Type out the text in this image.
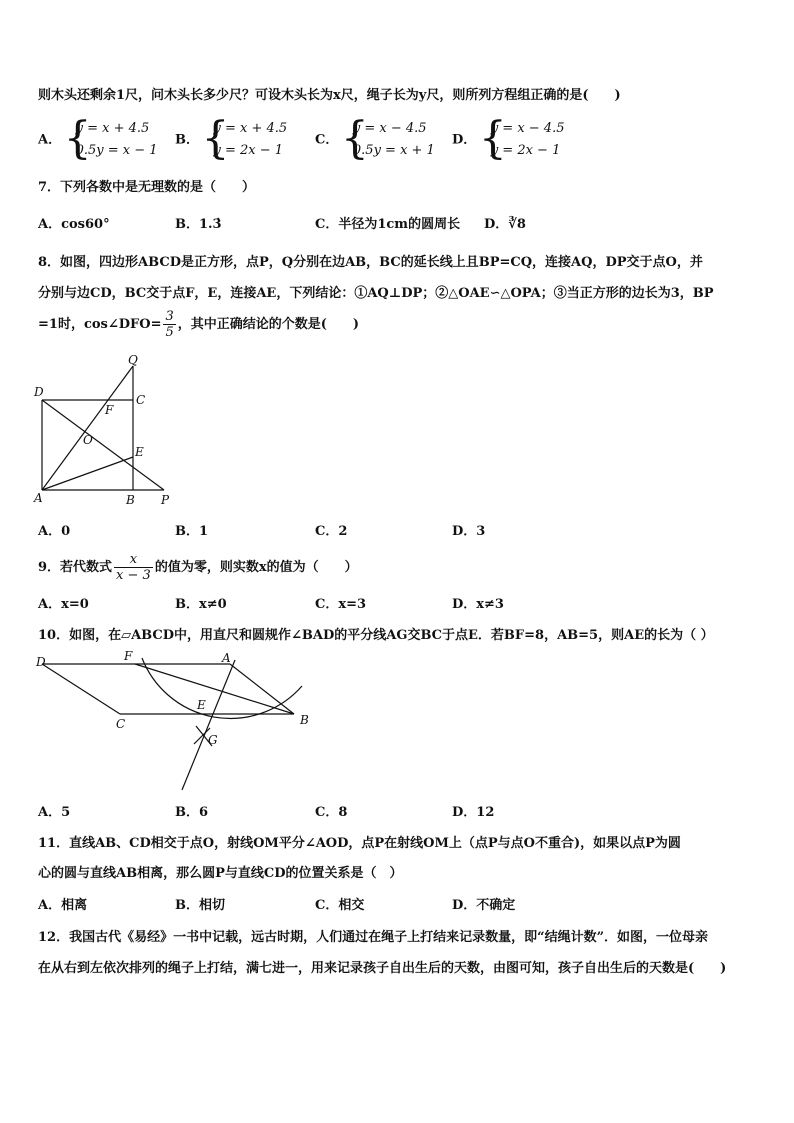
则木头还剩余1尺，问木头长多少尺？可设木头长为x尺，绳子长为y尺，则所列方程组正确的是(　　)
A． {
y = x + 4.5
0.5y = x − 1
B． {
y = x + 4.5
y = 2x − 1
C． {
y = x − 4.5
0.5y = x + 1
D． {
y = x − 4.5
y = 2x − 1
7．下列各数中是无理数的是（　　）
A．cos60°	B．1.3̇	C．半径为1cm的圆周长 D．∛8
8．如图，四边形ABCD是正方形，点P，Q分别在边AB，BC的延长线上且BP=CQ，连接AQ，DP交于点O，并
分别与边CD，BC交于点F，E，连接AE，下列结论：①AQ⊥DP；②△OAE∽△OPA；③当正方形的边长为3，BP
=1时，cos∠DFO= $\frac{3}{5}$ ，其中正确结论的个数是(　　)
D
C
Q
F
O
E
A	B P
A．0	B．1	C．2	D．3
9．若代数式 $\frac{x}{x - 3}$ 的值为零，则实数x的值为（　　）
A．x=0	B．x≠0	C．x=3	D．x≠3
10．如图，在▱ABCD中，用直尺和圆规作∠BAD的平分线AG交BC于点E．若BF=8，AB=5，则AE的长为（ ）
D	F	A
E
C	B
G
A．5	B．6	C．8	D．12
11．直线AB、CD相交于点O，射线OM平分∠AOD，点P在射线OM上（点P与点O不重合)，如果以点P为圆
心的圆与直线AB相离，那么圆P与直线CD的位置关系是（　）
A．相离	B．相切	C．相交	D．不确定
12．我国古代《易经》一书中记载，远古时期，人们通过在绳子上打结来记录数量，即“结绳计数”．如图，一位母亲
在从右到左依次排列的绳子上打结，满七进一，用来记录孩子自出生后的天数，由图可知，孩子自出生后的天数是(　　)
